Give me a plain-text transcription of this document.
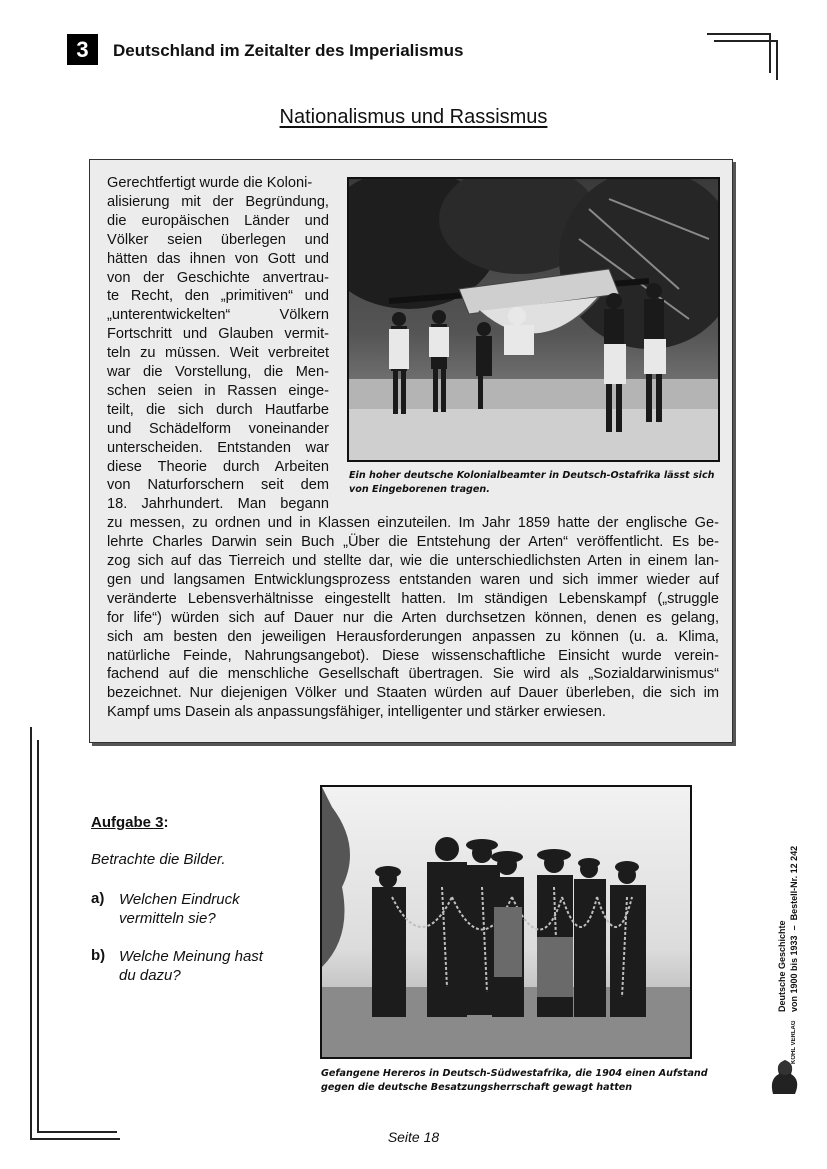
3	Deutschland im Zeitalter des Imperialismus
Nationalismus und Rassismus
Gerechtfertigt wurde die Koloni-
alisierung mit der Begründung,
die europäischen Länder und
Völker seien überlegen und
hätten das ihnen von Gott und
von der Geschichte anvertrau-
te Recht, den „primitiven“ und
„unterentwickelten“ Völkern
Fortschritt und Glauben vermit-
teln zu müssen. Weit verbreitet
war die Vorstellung, die Men-
schen seien in Rassen einge-
teilt, die sich durch Hautfarbe
und Schädelform voneinander
unterscheiden. Entstanden war
diese Theorie durch Arbeiten
von Naturforschern seit dem
18. Jahrhundert. Man begann
zu messen, zu ordnen und in Klassen einzuteilen. Im Jahr 1859 hatte der englische Ge-
lehrte Charles Darwin sein Buch „Über die Entstehung der Arten“ veröffentlicht. Es be-
zog sich auf das Tierreich und stellte dar, wie die unterschiedlichsten Arten in einem lan-
gen und langsamen Entwicklungsprozess entstanden waren und sich immer wieder auf
veränderte Lebensverhältnisse eingestellt hatten. Im ständigen Lebenskampf („struggle
for life“) würden sich auf Dauer nur die Arten durchsetzen können, denen es gelang,
sich am besten den jeweiligen Herausforderungen anpassen zu können (u. a. Klima,
natürliche Feinde, Nahrungsangebot). Diese wissenschaftliche Einsicht wurde verein-
fachend auf die menschliche Gesellschaft übertragen. Sie wird als „Sozialdarwinismus“
bezeichnet. Nur diejenigen Völker und Staaten würden auf Dauer überleben, die sich im
Kampf ums Dasein als anpassungsfähiger, intelligenter und stärker erwiesen.
Ein hoher deutsche Kolonialbeamter in Deutsch-Ostafrika lässt sich
von Eingeborenen tragen.
Aufgabe 3:
Betrachte die Bilder.
a) Welchen Eindruck vermitteln sie?
b) Welche Meinung hast du dazu?
Gefangene Hereros in Deutsch-Südwestafrika, die 1904 einen Aufstand
gegen die deutsche Besatzungsherrschaft gewagt hatten
von 1900 bis 1933  –  Bestell-Nr. 12 242
Deutsche Geschichte
KOHL VERLAG
Seite 18
